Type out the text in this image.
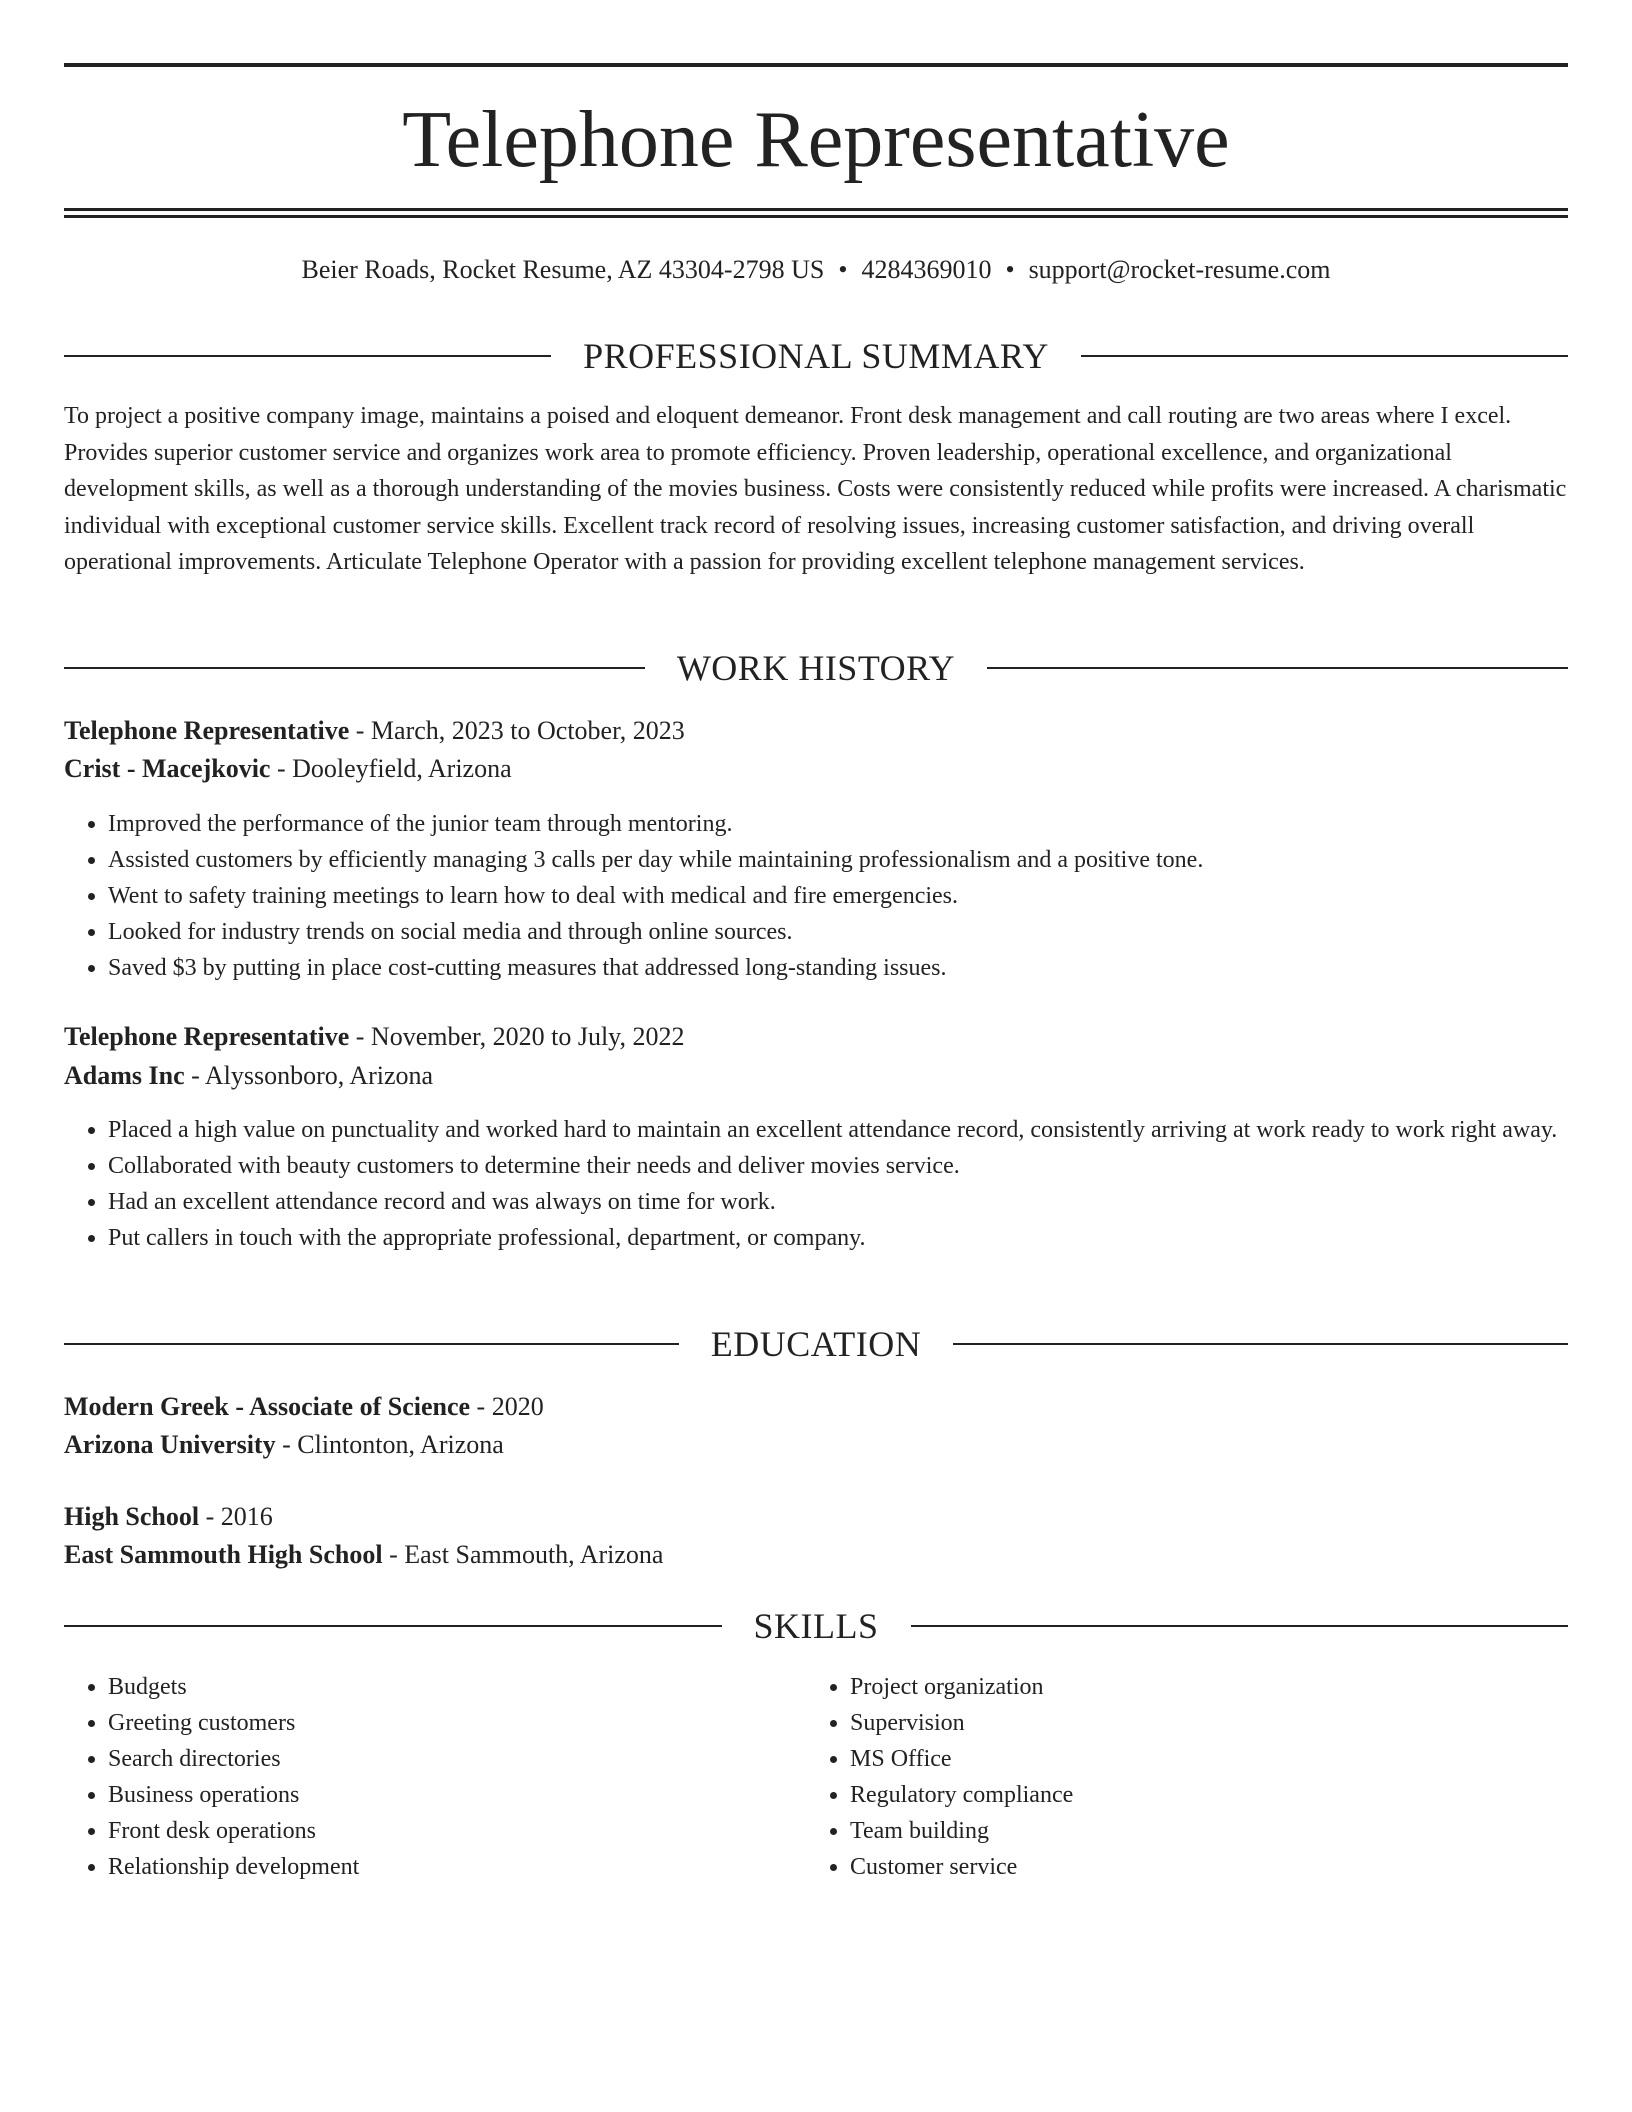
Telephone Representative
Beier Roads, Rocket Resume, AZ 43304-2798 US • 4284369010 • support@rocket-resume.com
PROFESSIONAL SUMMARY

To project a positive company image, maintains a poised and eloquent demeanor. Front desk management and call routing are two areas where I excel. Provides superior customer service and organizes work area to promote efficiency. Proven leadership, operational excellence, and organizational development skills, as well as a thorough understanding of the movies business. Costs were consistently reduced while profits were increased. A charismatic individual with exceptional customer service skills. Excellent track record of resolving issues, increasing customer satisfaction, and driving overall operational improvements. Articulate Telephone Operator with a passion for providing excellent telephone management services.

WORK HISTORY
Telephone Representative - March, 2023 to October, 2023
Crist - Macejkovic - Dooleyfield, Arizona
• Improved the performance of the junior team through mentoring.
• Assisted customers by efficiently managing 3 calls per day while maintaining professionalism and a positive tone.
• Went to safety training meetings to learn how to deal with medical and fire emergencies.
• Looked for industry trends on social media and through online sources.
• Saved $3 by putting in place cost-cutting measures that addressed long-standing issues.
Telephone Representative - November, 2020 to July, 2022
Adams Inc - Alyssonboro, Arizona
• Placed a high value on punctuality and worked hard to maintain an excellent attendance record, consistently arriving at work ready to work right away.
• Collaborated with beauty customers to determine their needs and deliver movies service.
• Had an excellent attendance record and was always on time for work.
• Put callers in touch with the appropriate professional, department, or company.
EDUCATION
Modern Greek - Associate of Science - 2020
Arizona University - Clintonton, Arizona
High School - 2016
East Sammouth High School - East Sammouth, Arizona
SKILLS
• Budgets
• Greeting customers
• Search directories
• Business operations
• Front desk operations
• Relationship development
• Project organization
• Supervision
• MS Office
• Regulatory compliance
• Team building
• Customer service
